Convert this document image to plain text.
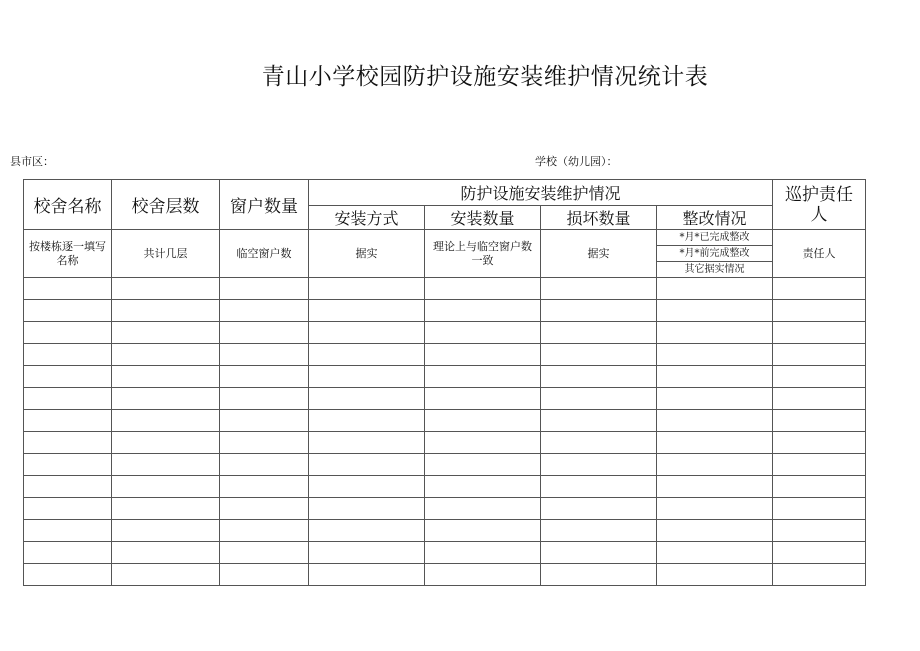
青山小学校园防护设施安装维护情况统计表
县市区：	学校（幼儿园）：
校舍名称	校舍层数	窗户数量	防护设施安装维护情况				巡护责任人
			安装方式	安装数量	损坏数量	整改情况	
按楼栋逐一填写名称	共计几层	临空窗户数	据实	理论上与临空窗户数一致	据实	*月*已完成整改	责任人
						*月*前完成整改	
						其它据实情况	
